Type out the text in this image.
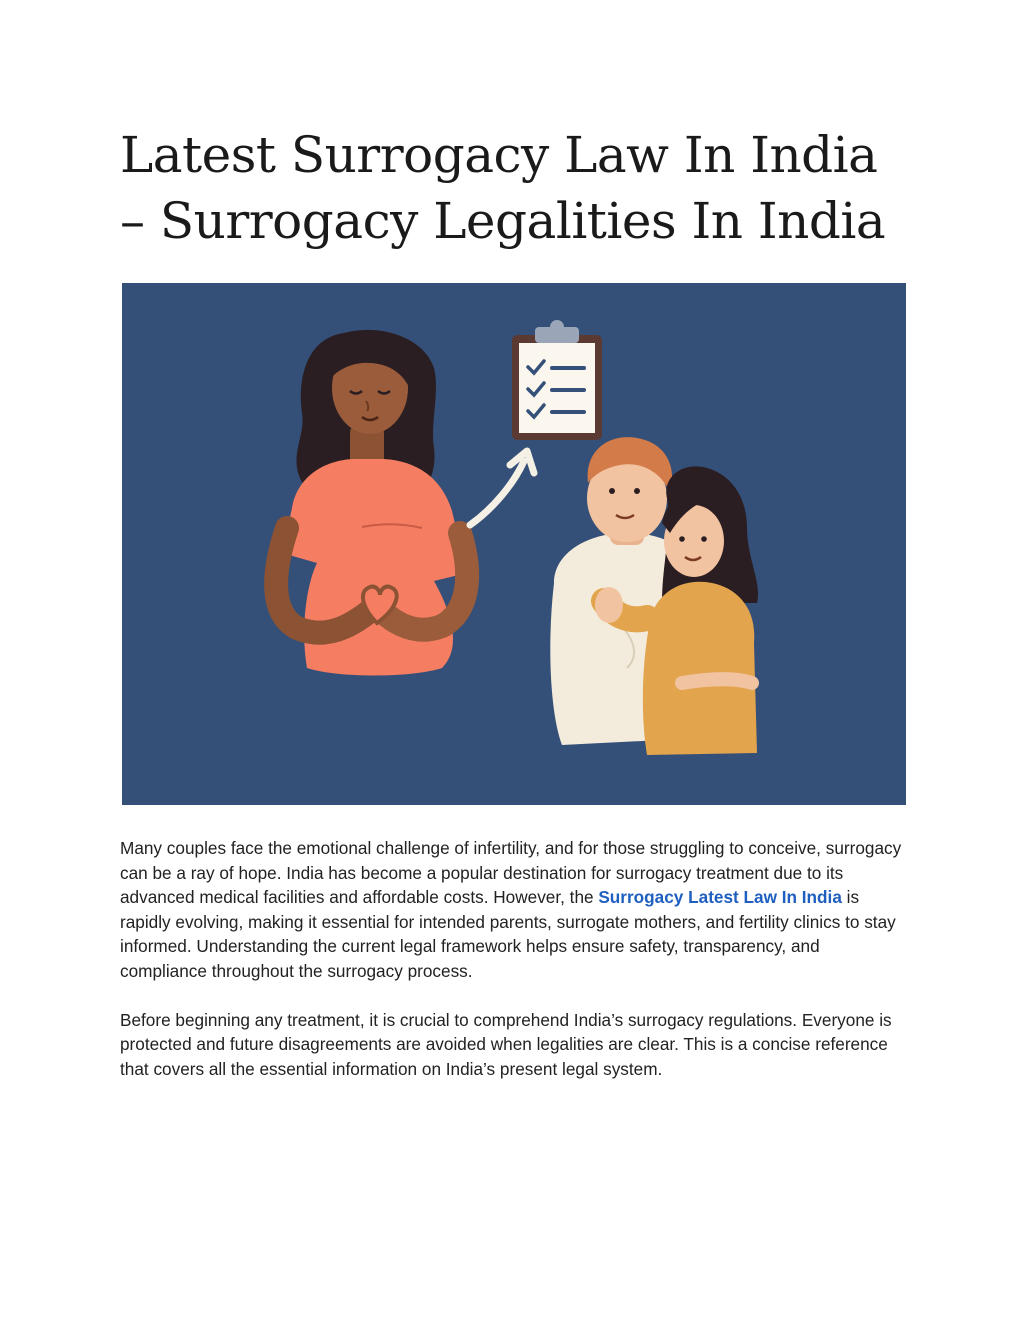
Latest Surrogacy Law In India
– Surrogacy Legalities In India

Many couples face the emotional challenge of infertility, and for those struggling to conceive, surrogacy can be a ray of hope. India has become a popular destination for surrogacy treatment due to its advanced medical facilities and affordable costs. However, the Surrogacy Latest Law In India is rapidly evolving, making it essential for intended parents, surrogate mothers, and fertility clinics to stay informed. Understanding the current legal framework helps ensure safety, transparency, and compliance throughout the surrogacy process.

Before beginning any treatment, it is crucial to comprehend India’s surrogacy regulations. Everyone is protected and future disagreements are avoided when legalities are clear. This is a concise reference that covers all the essential information on India’s present legal system.
